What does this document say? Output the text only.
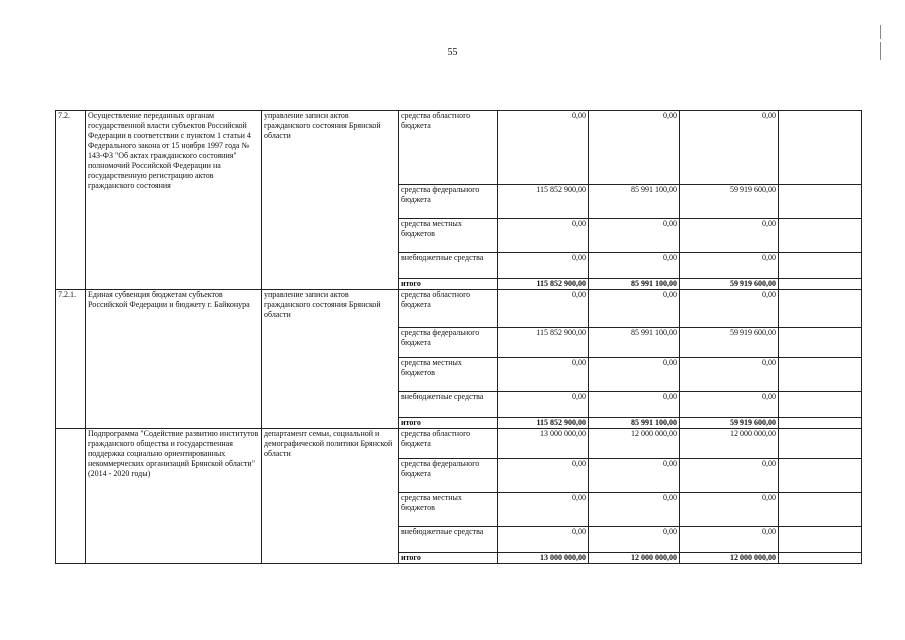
55
7.2.	Осуществление переданных органам государственной власти субъектов Российской Федерации в соответствии с пунктом 1 статьи 4 Федерального закона от 15 ноября 1997 года № 143-ФЗ "Об актах гражданского состояния" полномочий Российской Федерации на государственную регистрацию актов гражданского состояния	управление записи актов гражданского состояния Брянской области	средства областного бюджета	0,00	0,00	0,00	
			средства федерального бюджета	115 852 900,00	85 991 100,00	59 919 600,00	
			средства местных бюджетов	0,00	0,00	0,00	
			внебюджетные средства	0,00	0,00	0,00	
			итого	115 852 900,00	85 991 100,00	59 919 600,00	
7.2.1.	Единая субвенция бюджетам субъектов Российской Федерации и бюджету г. Байконура	управление записи актов гражданского состояния Брянской области	средства областного бюджета	0,00	0,00	0,00	
			средства федерального бюджета	115 852 900,00	85 991 100,00	59 919 600,00	
			средства местных бюджетов	0,00	0,00	0,00	
			внебюджетные средства	0,00	0,00	0,00	
			итого	115 852 900,00	85 991 100,00	59 919 600,00	
	Подпрограмма "Содействие развитию институтов гражданского общества и государственная поддержка социально ориентированных некоммерческих организаций Брянской области" (2014 - 2020 годы)	департамент семьи, социальной и демографической политики Брянской области	средства областного бюджета	13 000 000,00	12 000 000,00	12 000 000,00	
			средства федерального бюджета	0,00	0,00	0,00	
			средства местных бюджетов	0,00	0,00	0,00	
			внебюджетные средства	0,00	0,00	0,00	
			итого	13 000 000,00	12 000 000,00	12 000 000,00	
